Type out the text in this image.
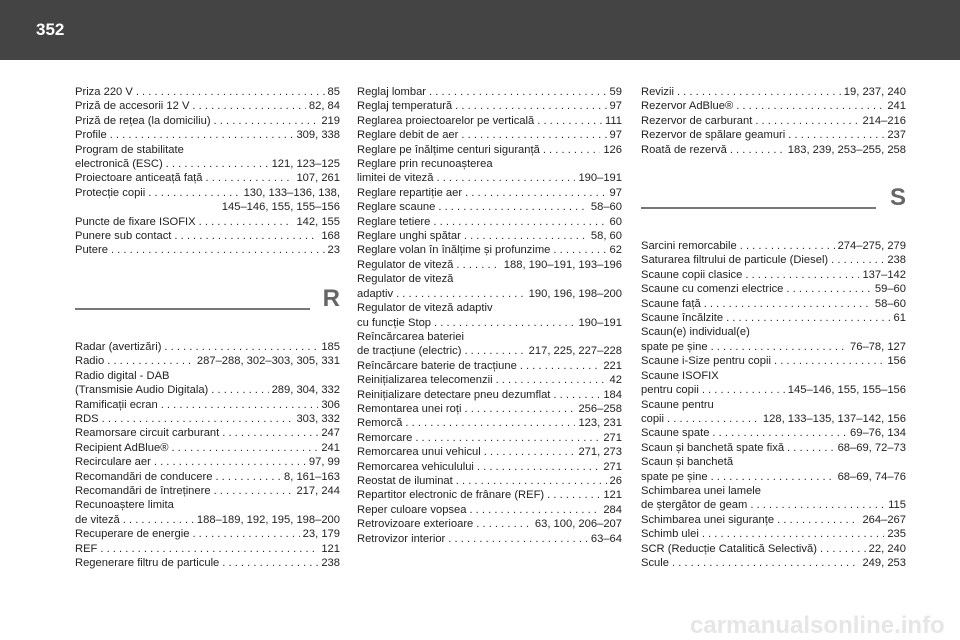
352
Priza 220 V . . .	85
Priză de accesorii 12 V . . .	82, 84
Priză de rețea (la domiciliu) . . .	219
Profile . . .	309, 338
Program de stabilitate
electronică (ESC) . . .	121, 123–125
Proiectoare anticeață față . . .	107, 261
Protecție copii . . .	130, 133–136, 138,
145–146, 155, 155–156
Puncte de fixare ISOFIX . . .	142, 155
Punere sub contact . . .	168
Putere . . .	23
R
Radar (avertizări) . . .	185
Radio . . .	287–288, 302–303, 305, 331
Radio digital - DAB
(Transmisie Audio Digitala) . . .	289, 304, 332
Ramificații ecran . . .	306
RDS . . .	303, 332
Reamorsare circuit carburant . . .	247
Recipient AdBlue® . . .	241
Recirculare aer . . .	97, 99
Recomandări de conducere . . .	8, 161–163
Recomandări de întreținere . . .	217, 244
Recunoaștere limita
de viteză . . .	188–189, 192, 195, 198–200
Recuperare de energie . . .	23, 179
REF . . .	121
Regenerare filtru de particule . . .	238
Reglaj lombar . . .	59
Reglaj temperatură . . .	97
Reglarea proiectoarelor pe verticală . . .	111
Reglare debit de aer . . .	97
Reglare pe înălțime centuri siguranță . . .	126
Reglare prin recunoașterea
limitei de viteză . . .	190–191
Reglare repartiție aer . . .	97
Reglare scaune . . .	58–60
Reglare tetiere . . .	60
Reglare unghi spătar . . .	58, 60
Reglare volan în înălțime și profunzime . . .	62
Regulator de viteză . . .	188, 190–191, 193–196
Regulator de viteză
adaptiv . . .	190, 196, 198–200
Regulator de viteză adaptiv
cu funcție Stop . . .	190–191
Reîncărcarea bateriei
de tracțiune (electric) . . .	217, 225, 227–228
Reîncărcare baterie de tracțiune . . .	221
Reinițializarea telecomenzii . . .	42
Reinițializare detectare pneu dezumflat . . .	184
Remontarea unei roți . . .	256–258
Remorcă . . .	123, 231
Remorcare . . .	271
Remorcarea unui vehicul . . .	271, 273
Remorcarea vehiculului . . .	271
Reostat de iluminat . . .	26
Repartitor electronic de frânare (REF) . . .	121
Reper culoare vopsea . . .	284
Retrovizoare exterioare . . .	63, 100, 206–207
Retrovizor interior . . .	63–64
Revizii . . .	19, 237, 240
Rezervor AdBlue® . . .	241
Rezervor de carburant . . .	214–216
Rezervor de spălare geamuri . . .	237
Roată de rezervă . . .	183, 239, 253–255, 258
S
Sarcini remorcabile . . .	274–275, 279
Saturarea filtrului de particule (Diesel) . . .	238
Scaune copii clasice . . .	137–142
Scaune cu comenzi electrice . . .	59–60
Scaune față . . .	58–60
Scaune încălzite . . .	61
Scaun(e) individual(e)
spate pe șine . . .	76–78, 127
Scaune i-Size pentru copii . . .	156
Scaune ISOFIX
pentru copii . . .	145–146, 155, 155–156
Scaune pentru
copii . . .	128, 133–135, 137–142, 156
Scaune spate . . .	69–76, 134
Scaun și banchetă spate fixă . . .	68–69, 72–73
Scaun și banchetă
spate pe șine . . .	68–69, 74–76
Schimbarea unei lamele
de ștergător de geam . . .	115
Schimbarea unei siguranțe . . .	264–267
Schimb ulei . . .	235
SCR (Reducție Catalitică Selectivă) . . .	22, 240
Scule . . .	249, 253
carmanualsonline.info
